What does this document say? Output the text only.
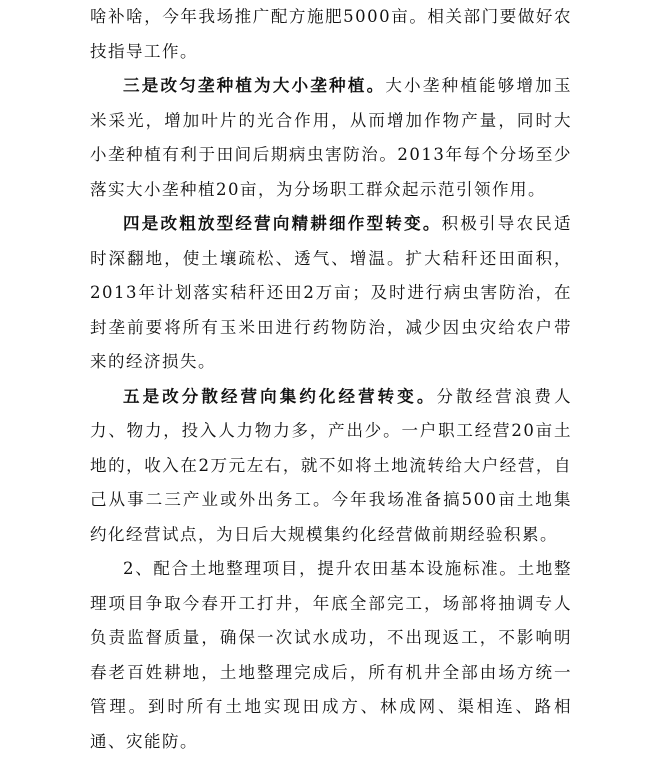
啥补啥，今年我场推广配方施肥5000亩。相关部门要做好农技指导工作。

三是改匀垄种植为大小垄种植。大小垄种植能够增加玉米采光，增加叶片的光合作用，从而增加作物产量，同时大小垄种植有利于田间后期病虫害防治。2013年每个分场至少落实大小垄种植20亩，为分场职工群众起示范引领作用。

四是改粗放型经营向精耕细作型转变。积极引导农民适时深翻地，使土壤疏松、透气、增温。扩大秸秆还田面积，2013年计划落实秸秆还田2万亩；及时进行病虫害防治，在封垄前要将所有玉米田进行药物防治，减少因虫灾给农户带来的经济损失。

五是改分散经营向集约化经营转变。分散经营浪费人力、物力，投入人力物力多，产出少。一户职工经营20亩土地的，收入在2万元左右，就不如将土地流转给大户经营，自己从事二三产业或外出务工。今年我场准备搞500亩土地集约化经营试点，为日后大规模集约化经营做前期经验积累。

2、配合土地整理项目，提升农田基本设施标准。土地整理项目争取今春开工打井，年底全部完工，场部将抽调专人负责监督质量，确保一次试水成功，不出现返工，不影响明春老百姓耕地，土地整理完成后，所有机井全部由场方统一管理。到时所有土地实现田成方、林成网、渠相连、路相通、灾能防。
